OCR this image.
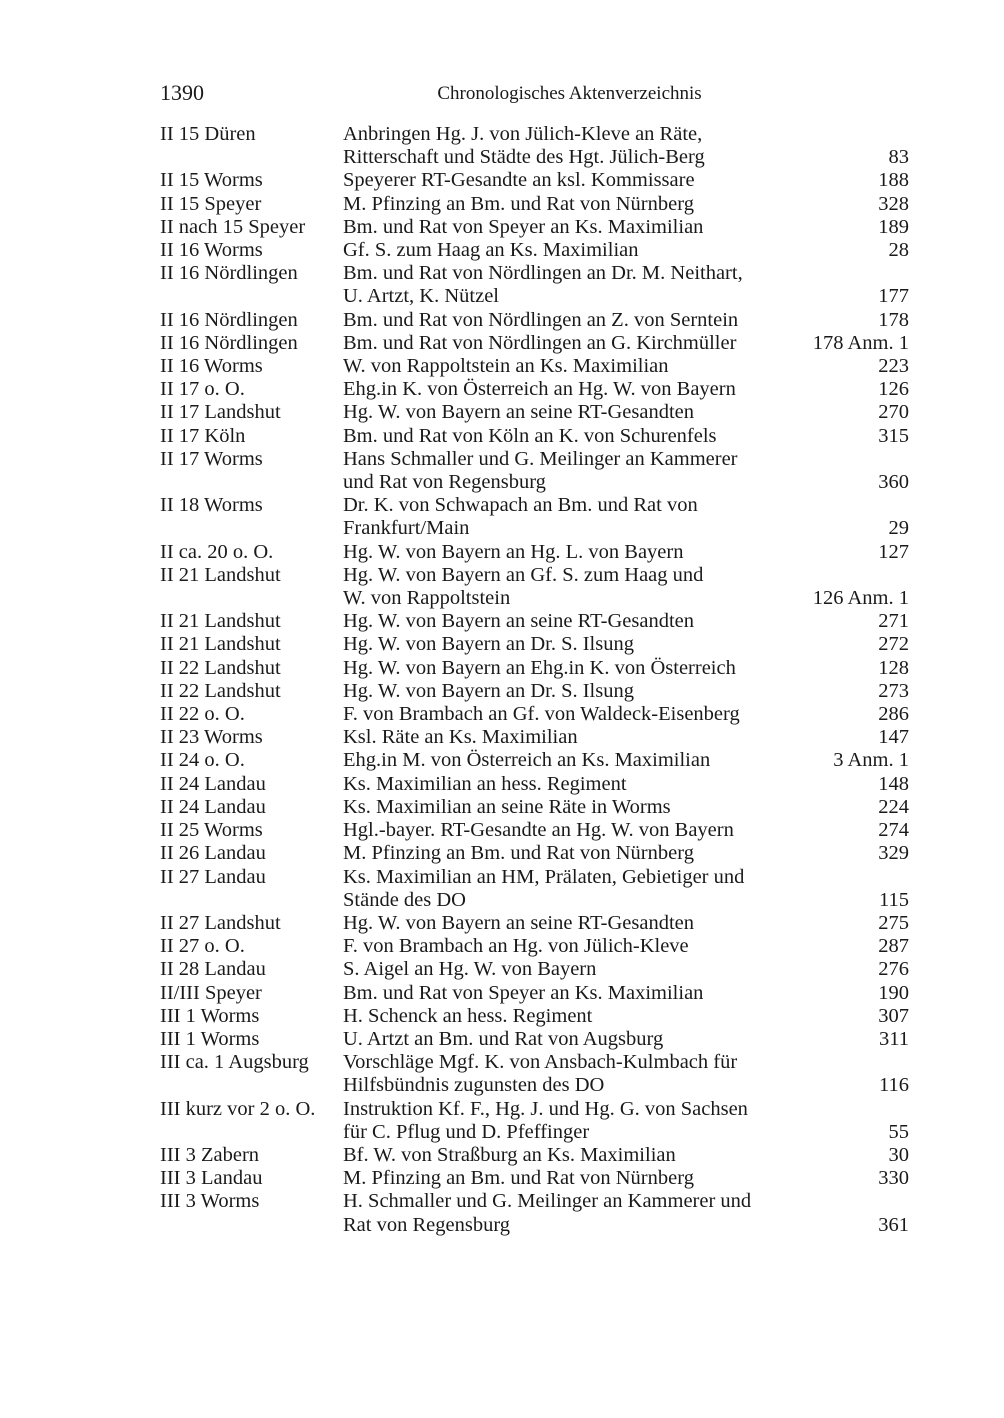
1390	Chronologisches Aktenverzeichnis
II 15 Düren	Anbringen Hg. J. von Jülich-Kleve an Räte,
Ritterschaft und Städte des Hgt. Jülich-Berg	83
II 15 Worms	Speyerer RT-Gesandte an ksl. Kommissare	188
II 15 Speyer	M. Pfinzing an Bm. und Rat von Nürnberg	328
II nach 15 Speyer	Bm. und Rat von Speyer an Ks. Maximilian	189
II 16 Worms	Gf. S. zum Haag an Ks. Maximilian	28
II 16 Nördlingen	Bm. und Rat von Nördlingen an Dr. M. Neithart,
U. Artzt, K. Nützel	177
II 16 Nördlingen	Bm. und Rat von Nördlingen an Z. von Serntein	178
II 16 Nördlingen	Bm. und Rat von Nördlingen an G. Kirchmüller	178 Anm. 1
II 16 Worms	W. von Rappoltstein an Ks. Maximilian	223
II 17 o. O.	Ehg.in K. von Österreich an Hg. W. von Bayern	126
II 17 Landshut	Hg. W. von Bayern an seine RT-Gesandten	270
II 17 Köln	Bm. und Rat von Köln an K. von Schurenfels	315
II 17 Worms	Hans Schmaller und G. Meilinger an Kammerer
und Rat von Regensburg	360
II 18 Worms	Dr. K. von Schwapach an Bm. und Rat von
Frankfurt/Main	29
II ca. 20 o. O.	Hg. W. von Bayern an Hg. L. von Bayern	127
II 21 Landshut	Hg. W. von Bayern an Gf. S. zum Haag und
W. von Rappoltstein	126 Anm. 1
II 21 Landshut	Hg. W. von Bayern an seine RT-Gesandten	271
II 21 Landshut	Hg. W. von Bayern an Dr. S. Ilsung	272
II 22 Landshut	Hg. W. von Bayern an Ehg.in K. von Österreich	128
II 22 Landshut	Hg. W. von Bayern an Dr. S. Ilsung	273
II 22 o. O.	F. von Brambach an Gf. von Waldeck-Eisenberg	286
II 23 Worms	Ksl. Räte an Ks. Maximilian	147
II 24 o. O.	Ehg.in M. von Österreich an Ks. Maximilian	3 Anm. 1
II 24 Landau	Ks. Maximilian an hess. Regiment	148
II 24 Landau	Ks. Maximilian an seine Räte in Worms	224
II 25 Worms	Hgl.-bayer. RT-Gesandte an Hg. W. von Bayern	274
II 26 Landau	M. Pfinzing an Bm. und Rat von Nürnberg	329
II 27 Landau	Ks. Maximilian an HM, Prälaten, Gebietiger und
Stände des DO	115
II 27 Landshut	Hg. W. von Bayern an seine RT-Gesandten	275
II 27 o. O.	F. von Brambach an Hg. von Jülich-Kleve	287
II 28 Landau	S. Aigel an Hg. W. von Bayern	276
II/III Speyer	Bm. und Rat von Speyer an Ks. Maximilian	190
III 1 Worms	H. Schenck an hess. Regiment	307
III 1 Worms	U. Artzt an Bm. und Rat von Augsburg	311
III ca. 1 Augsburg	Vorschläge Mgf. K. von Ansbach-Kulmbach für
Hilfsbündnis zugunsten des DO	116
III kurz vor 2 o. O.	Instruktion Kf. F., Hg. J. und Hg. G. von Sachsen
für C. Pflug und D. Pfeffinger	55
III 3 Zabern	Bf. W. von Straßburg an Ks. Maximilian	30
III 3 Landau	M. Pfinzing an Bm. und Rat von Nürnberg	330
III 3 Worms	H. Schmaller und G. Meilinger an Kammerer und
Rat von Regensburg	361
